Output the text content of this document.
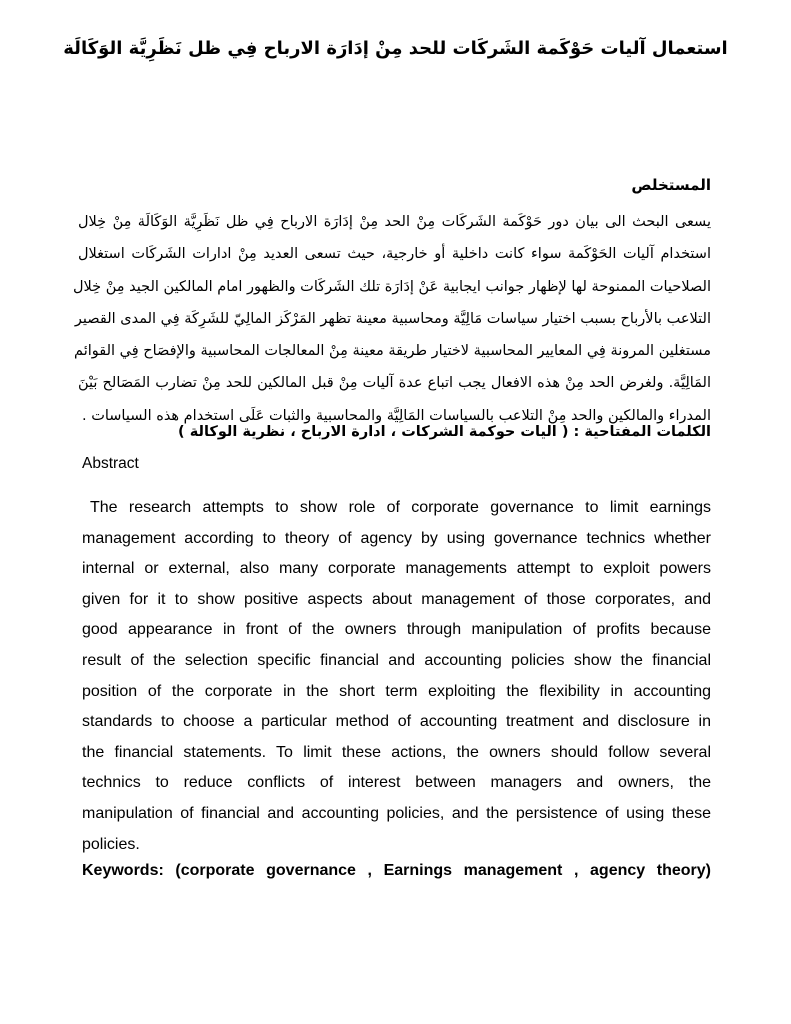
استعمال آليات حَوْكَمة الشَركَات للحد مِنْ إدَارَة الارباح فِي ظل نَظَرِيَّة الوَكَالَة
المستخلص
يسعى البحث الى بيان دور حَوْكَمة الشَركَات مِنْ الحد مِنْ إدَارَة الارباح فِي ظل نَظَرِيَّة الوَكَالَة مِنْ خِلال
استخدام آليات الحَوْكَمة سواء كانت داخلية أو خارجية، حيث تسعى العديد مِنْ ادارات الشَركَات استغلال
الصلاحيات الممنوحة لها لإظهار جوانب ايجابية عَنْ إدَارَة تلك الشَركَات والظهور امام المالكين الجيد مِنْ خِلال
التلاعب بالأرباح بسبب اختيار سياسات مَالِيَّة ومحاسبية معينة تظهر المَرْكَز المالِيّ للشَرِكَة فِي المدى القصير
مستغلين المرونة فِي المعايير المحاسبية لاختيار طريقة معينة مِنْ المعالجات المحاسبية والإفصَاح فِي القوائم
المَالِيَّة. ولغرض الحد مِنْ هذه الافعال يجب اتباع عدة آليات مِنْ قبل المالكين للحد مِنْ تضارب المَصَالح بَيْنَ
المدراء والمالكين والحد مِنْ التلاعب بالسياسات المَالِيَّة والمحاسبية والثبات عَلَى استخدام هذه السياسات .
الكلمات المفتاحية : ( اليات حوكمة الشركات ، ادارة الارباح ، نظرية الوكالة )
Abstract
The research attempts to show role of corporate governance to limit earnings
management according to theory of agency by using governance technics whether
internal or external, also many corporate managements attempt to exploit powers
given for it to show positive aspects about management of those corporates, and
good appearance in front of the owners through manipulation of profits because
result of the selection specific financial and accounting policies show the financial
position of the corporate in the short term exploiting the flexibility in accounting
standards to choose a particular method of accounting treatment and disclosure in
the financial statements. To limit these actions, the owners should follow several
technics to reduce conflicts of interest between managers and owners, the
manipulation of financial and accounting policies, and the persistence of using these
policies.
Keywords: (corporate governance , Earnings management , agency theory)
